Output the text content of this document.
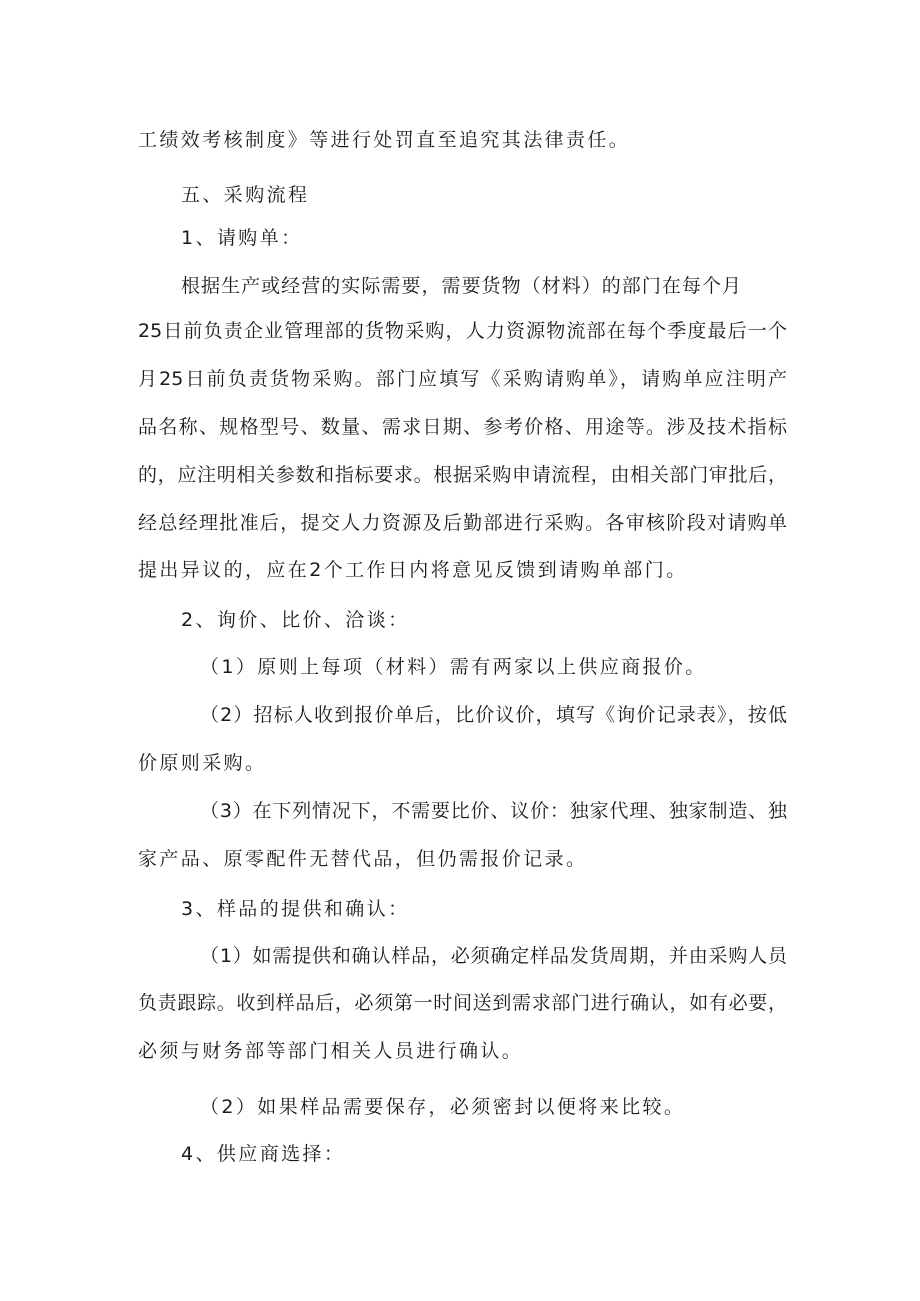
工绩效考核制度》等进行处罚直至追究其法律责任。
五、采购流程
1、请购单：
根据生产或经营的实际需要，需要货物（材料）的部门在每个月
25日前负责企业管理部的货物采购，人力资源物流部在每个季度最后一个
月25日前负责货物采购。部门应填写《采购请购单》，请购单应注明产
品名称、规格型号、数量、需求日期、参考价格、用途等。涉及技术指标
的，应注明相关参数和指标要求。根据采购申请流程，由相关部门审批后，
经总经理批准后，提交人力资源及后勤部进行采购。各审核阶段对请购单
提出异议的，应在2个工作日内将意见反馈到请购单部门。
2、询价、比价、洽谈：
（1）原则上每项（材料）需有两家以上供应商报价。
（2）招标人收到报价单后，比价议价，填写《询价记录表》，按低
价原则采购。
（3）在下列情况下，不需要比价、议价：独家代理、独家制造、独
家产品、原零配件无替代品，但仍需报价记录。
3、样品的提供和确认：
（1）如需提供和确认样品，必须确定样品发货周期，并由采购人员
负责跟踪。收到样品后，必须第一时间送到需求部门进行确认，如有必要，
必须与财务部等部门相关人员进行确认。
（2）如果样品需要保存，必须密封以便将来比较。
4、供应商选择：
